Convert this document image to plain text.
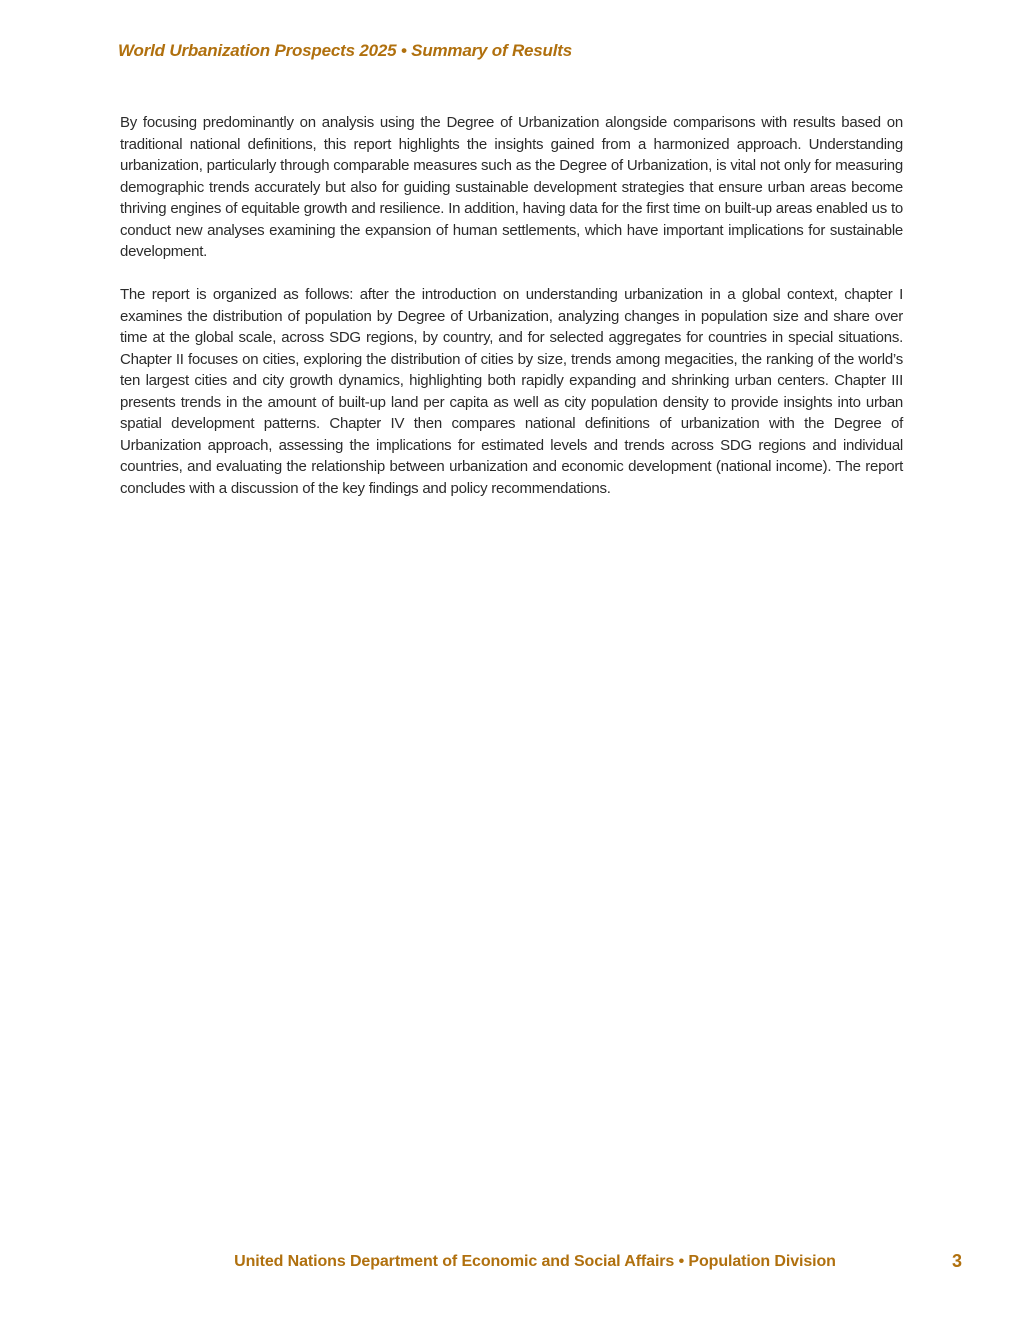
World Urbanization Prospects 2025 • Summary of Results

By focusing predominantly on analysis using the Degree of Urbanization alongside comparisons with results based on traditional national definitions, this report highlights the insights gained from a harmonized approach. Understanding urbanization, particularly through comparable measures such as the Degree of Urbanization, is vital not only for measuring demographic trends accurately but also for guiding sustainable development strategies that ensure urban areas become thriving engines of equitable growth and resilience. In addition, having data for the first time on built-up areas enabled us to conduct new analyses examining the expansion of human settlements, which have important implications for sustainable development.

The report is organized as follows: after the introduction on understanding urbanization in a global context, chapter I examines the distribution of population by Degree of Urbanization, analyzing changes in population size and share over time at the global scale, across SDG regions, by country, and for selected aggregates for countries in special situations. Chapter II focuses on cities, exploring the distribution of cities by size, trends among megacities, the ranking of the world’s ten largest cities and city growth dynamics, highlighting both rapidly expanding and shrinking urban centers. Chapter III presents trends in the amount of built-up land per capita as well as city population density to provide insights into urban spatial development patterns. Chapter IV then compares national definitions of urbanization with the Degree of Urbanization approach, assessing the implications for estimated levels and trends across SDG regions and individual countries, and evaluating the relationship between urbanization and economic development (national income). The report concludes with a discussion of the key findings and policy recommendations.

United Nations Department of Economic and Social Affairs • Population Division	3
